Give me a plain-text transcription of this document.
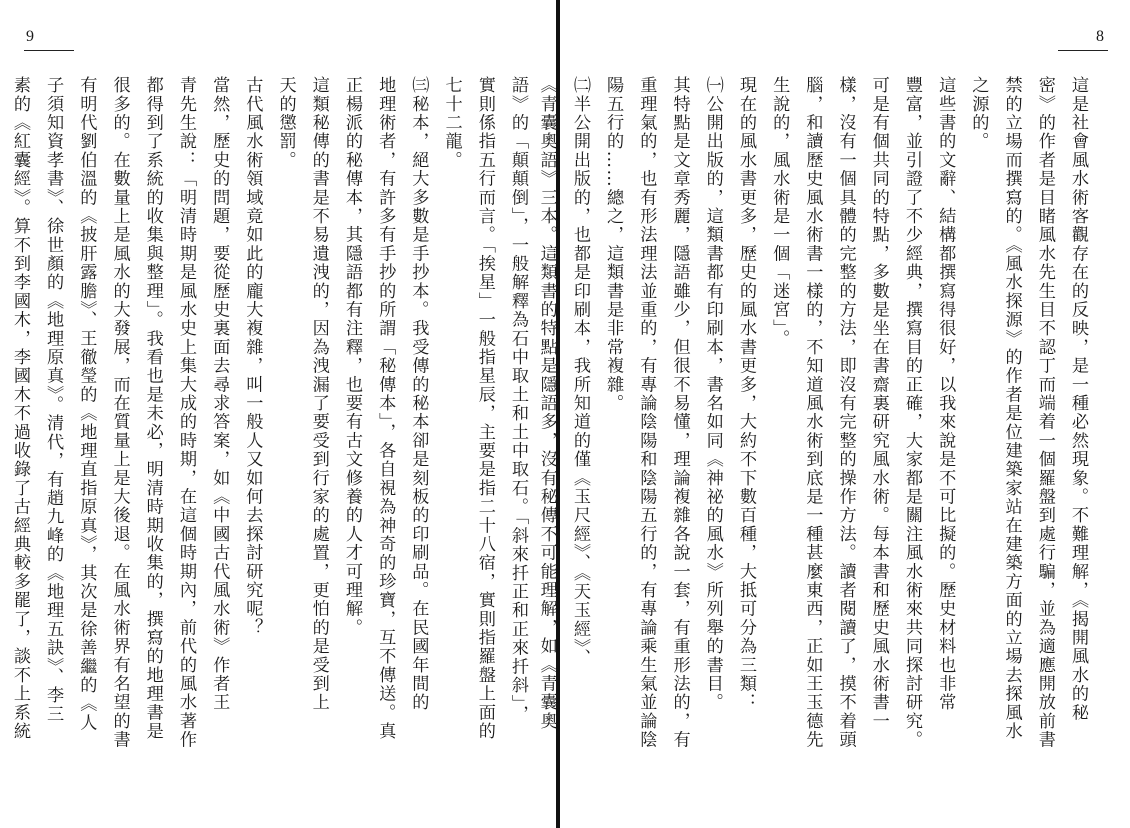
9
語》的「顛顛倒」，一般解釋為石中取土和土中取石。「斜來扦正和正來扦斜」，
實則係指五行而言。「挨星」一般指星辰，主要是指二十八宿，實則指羅盤上面的
七十二龍。
㈢秘本，絕大多數是手抄本。我受傳的秘本卻是刻板的印刷品。在民國年間的
地理術者，有許多有手抄的所謂「秘傳本」，各自視為神奇的珍寶，互不傳送。真
正楊派的秘傳本，其隱語都有注釋，也要有古文修養的人才可理解。
這類秘傳的書是不易遺洩的，因為洩漏了要受到行家的處置，更怕的是受到上
天的懲罰。
古代風水術領域竟如此的龐大複雜，叫一般人又如何去探討研究呢？
當然，歷史的問題，要從歷史裏面去尋求答案，如《中國古代風水術》作者王
青先生說：「明清時期是風水史上集大成的時期，在這個時期內，前代的風水著作
都得到了系統的收集與整理」。我看也是未必，明清時期收集的，撰寫的地理書是
很多的。在數量上是風水的大發展，而在質量上是大後退。在風水術界有名望的書
有明代劉伯溫的《披肝露膽》、王徹瑩的《地理直指原真》，其次是徐善繼的《人
子須知資孝書》、徐世顏的《地理原真》。清代，有趙九峰的《地理五訣》、李三
素的《紅囊經》。算不到李國木，李國木不過收錄了古經典較多罷了，談不上系統
8
這是社會風水術客觀存在的反映，是一種必然現象。不難理解，《揭開風水的秘
密》的作者是目睹風水先生目不認丁而端着一個羅盤到處行騙，並為適應開放前書
禁的立場而撰寫的。《風水探源》的作者是位建築家站在建築方面的立場去探風水
之源的。
這些書的文辭、結構都撰寫得很好，以我來說是不可比擬的。歷史材料也非常
豐富，並引證了不少經典，撰寫目的正確，大家都是關注風水術來共同探討研究。
可是有個共同的特點，多數是坐在書齋裏研究風水術。每本書和歷史風水術書一
樣，沒有一個具體的完整的方法，即沒有完整的操作方法。讀者閱讀了，摸不着頭
腦，和讀歷史風水術書一樣的，不知道風水術到底是一種甚麼東西，正如王玉德先
生說的，風水術是一個「迷宮」。
現在的風水書更多，歷史的風水書更多，大約不下數百種，大抵可分為三類：
㈠公開出版的，這類書都有印刷本，書名如同《神祕的風水》所列舉的書目。
其特點是文章秀麗，隱語雖少，但很不易懂，理論複雜各說一套，有重形法的，有
重理氣的，也有形法理法並重的，有專論陰陽和陰陽五行的，有專論乘生氣並論陰
陽五行的……總之，這類書是非常複雜。
㈡半公開出版的，也都是印刷本，我所知道的僅《玉尺經》、《天玉經》、
《青囊奧語》三本。這類書的特點是隱語多，沒有秘傳不可能理解，如《青囊奧
